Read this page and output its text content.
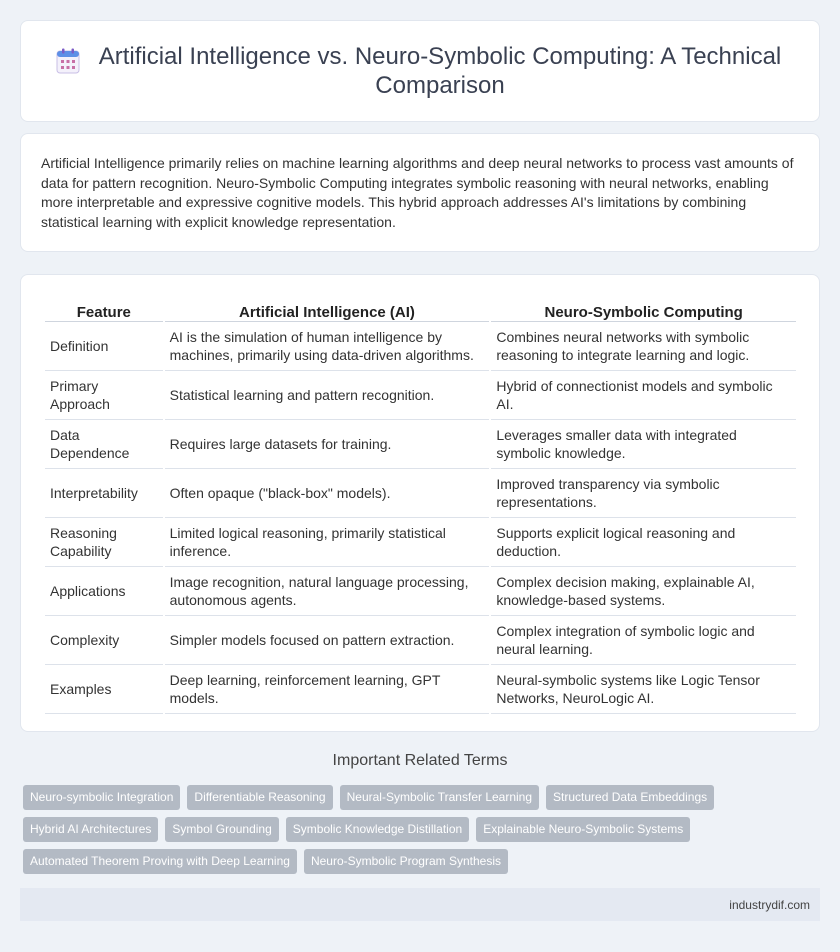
Artificial Intelligence vs. Neuro-Symbolic Computing: A Technical Comparison

Artificial Intelligence primarily relies on machine learning algorithms and deep neural networks to process vast amounts of data for pattern recognition. Neuro-Symbolic Computing integrates symbolic reasoning with neural networks, enabling more interpretable and expressive cognitive models. This hybrid approach addresses AI's limitations by combining statistical learning with explicit knowledge representation.

Feature	Artificial Intelligence (AI)	Neuro-Symbolic Computing
Definition	AI is the simulation of human intelligence by machines, primarily using data-driven algorithms.	Combines neural networks with symbolic reasoning to integrate learning and logic.
Primary Approach	Statistical learning and pattern recognition.	Hybrid of connectionist models and symbolic AI.
Data Dependence	Requires large datasets for training.	Leverages smaller data with integrated symbolic knowledge.
Interpretability	Often opaque ("black-box" models).	Improved transparency via symbolic representations.
Reasoning Capability	Limited logical reasoning, primarily statistical inference.	Supports explicit logical reasoning and deduction.
Applications	Image recognition, natural language processing, autonomous agents.	Complex decision making, explainable AI, knowledge-based systems.
Complexity	Simpler models focused on pattern extraction.	Complex integration of symbolic logic and neural learning.
Examples	Deep learning, reinforcement learning, GPT models.	Neural-symbolic systems like Logic Tensor Networks, NeuroLogic AI.
Important Related Terms
Neuro-symbolic Integration	Differentiable Reasoning	Neural-Symbolic Transfer Learning	Structured Data Embeddings
Hybrid AI Architectures	Symbol Grounding	Symbolic Knowledge Distillation	Explainable Neuro-Symbolic Systems
Automated Theorem Proving with Deep Learning	Neuro-Symbolic Program Synthesis
industrydif.com
